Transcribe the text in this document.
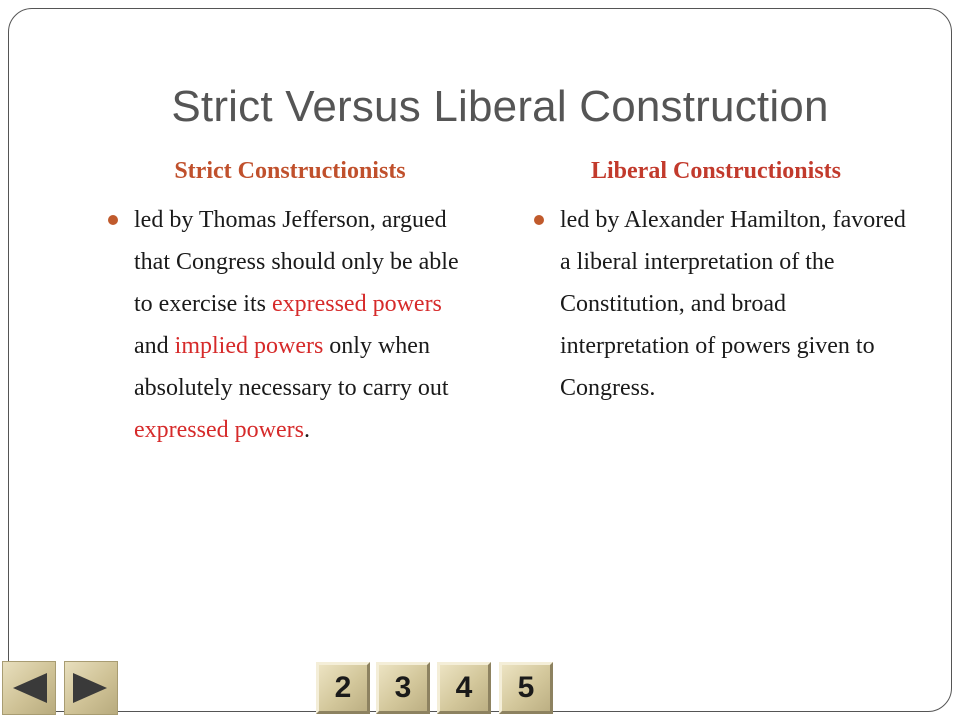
Strict Versus Liberal Construction
Strict Constructionists
led by Thomas Jefferson, argued that Congress should only be able to exercise its expressed powers and implied powers only when absolutely necessary to carry out expressed powers.
Liberal Constructionists
led by Alexander Hamilton, favored a liberal interpretation of the Constitution, and broad interpretation of powers given to Congress.
2	3	4	5
